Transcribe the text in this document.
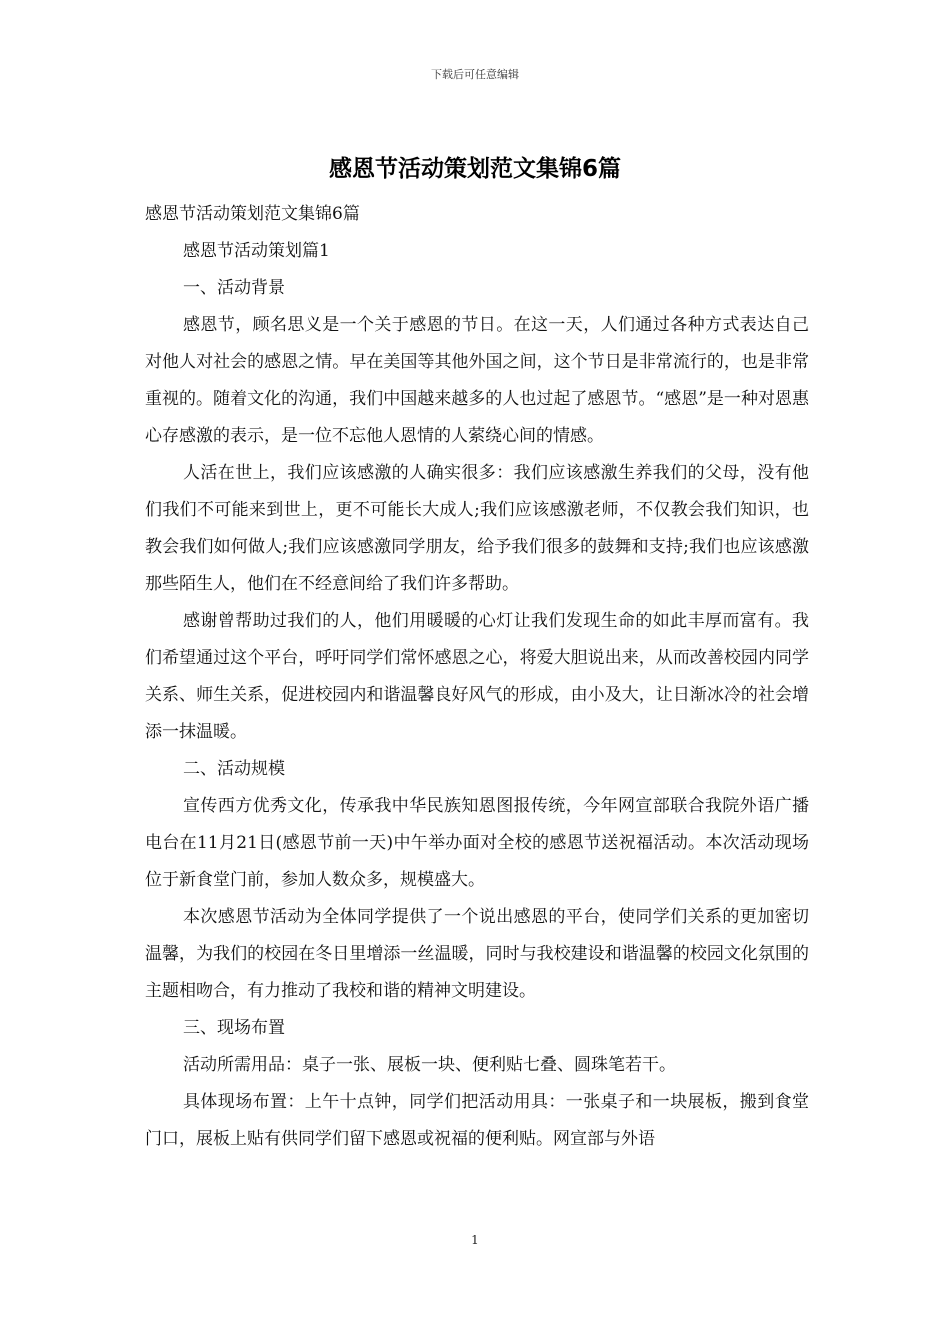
下载后可任意编辑
感恩节活动策划范文集锦6篇

感恩节活动策划范文集锦6篇

感恩节活动策划篇1

一、活动背景

感恩节，顾名思义是一个关于感恩的节日。在这一天，人们通过各种方式表达自己对他人对社会的感恩之情。早在美国等其他外国之间，这个节日是非常流行的，也是非常重视的。随着文化的沟通，我们中国越来越多的人也过起了感恩节。“感恩”是一种对恩惠心存感激的表示，是一位不忘他人恩情的人萦绕心间的情感。

人活在世上，我们应该感激的人确实很多：我们应该感激生养我们的父母，没有他们我们不可能来到世上，更不可能长大成人;我们应该感激老师，不仅教会我们知识，也教会我们如何做人;我们应该感激同学朋友，给予我们很多的鼓舞和支持;我们也应该感激那些陌生人，他们在不经意间给了我们许多帮助。

感谢曾帮助过我们的人，他们用暖暖的心灯让我们发现生命的如此丰厚而富有。我们希望通过这个平台，呼吁同学们常怀感恩之心，将爱大胆说出来，从而改善校园内同学关系、师生关系，促进校园内和谐温馨良好风气的形成，由小及大，让日渐冰冷的社会增添一抹温暖。

二、活动规模

宣传西方优秀文化，传承我中华民族知恩图报传统，今年网宣部联合我院外语广播电台在11月21日(感恩节前一天)中午举办面对全校的感恩节送祝福活动。本次活动现场位于新食堂门前，参加人数众多，规模盛大。

本次感恩节活动为全体同学提供了一个说出感恩的平台，使同学们关系的更加密切温馨，为我们的校园在冬日里增添一丝温暖，同时与我校建设和谐温馨的校园文化氛围的主题相吻合，有力推动了我校和谐的精神文明建设。

三、现场布置

活动所需用品：桌子一张、展板一块、便利贴七叠、圆珠笔若干。

具体现场布置：上午十点钟，同学们把活动用具：一张桌子和一块展板，搬到食堂门口，展板上贴有供同学们留下感恩或祝福的便利贴。网宣部与外语

1
